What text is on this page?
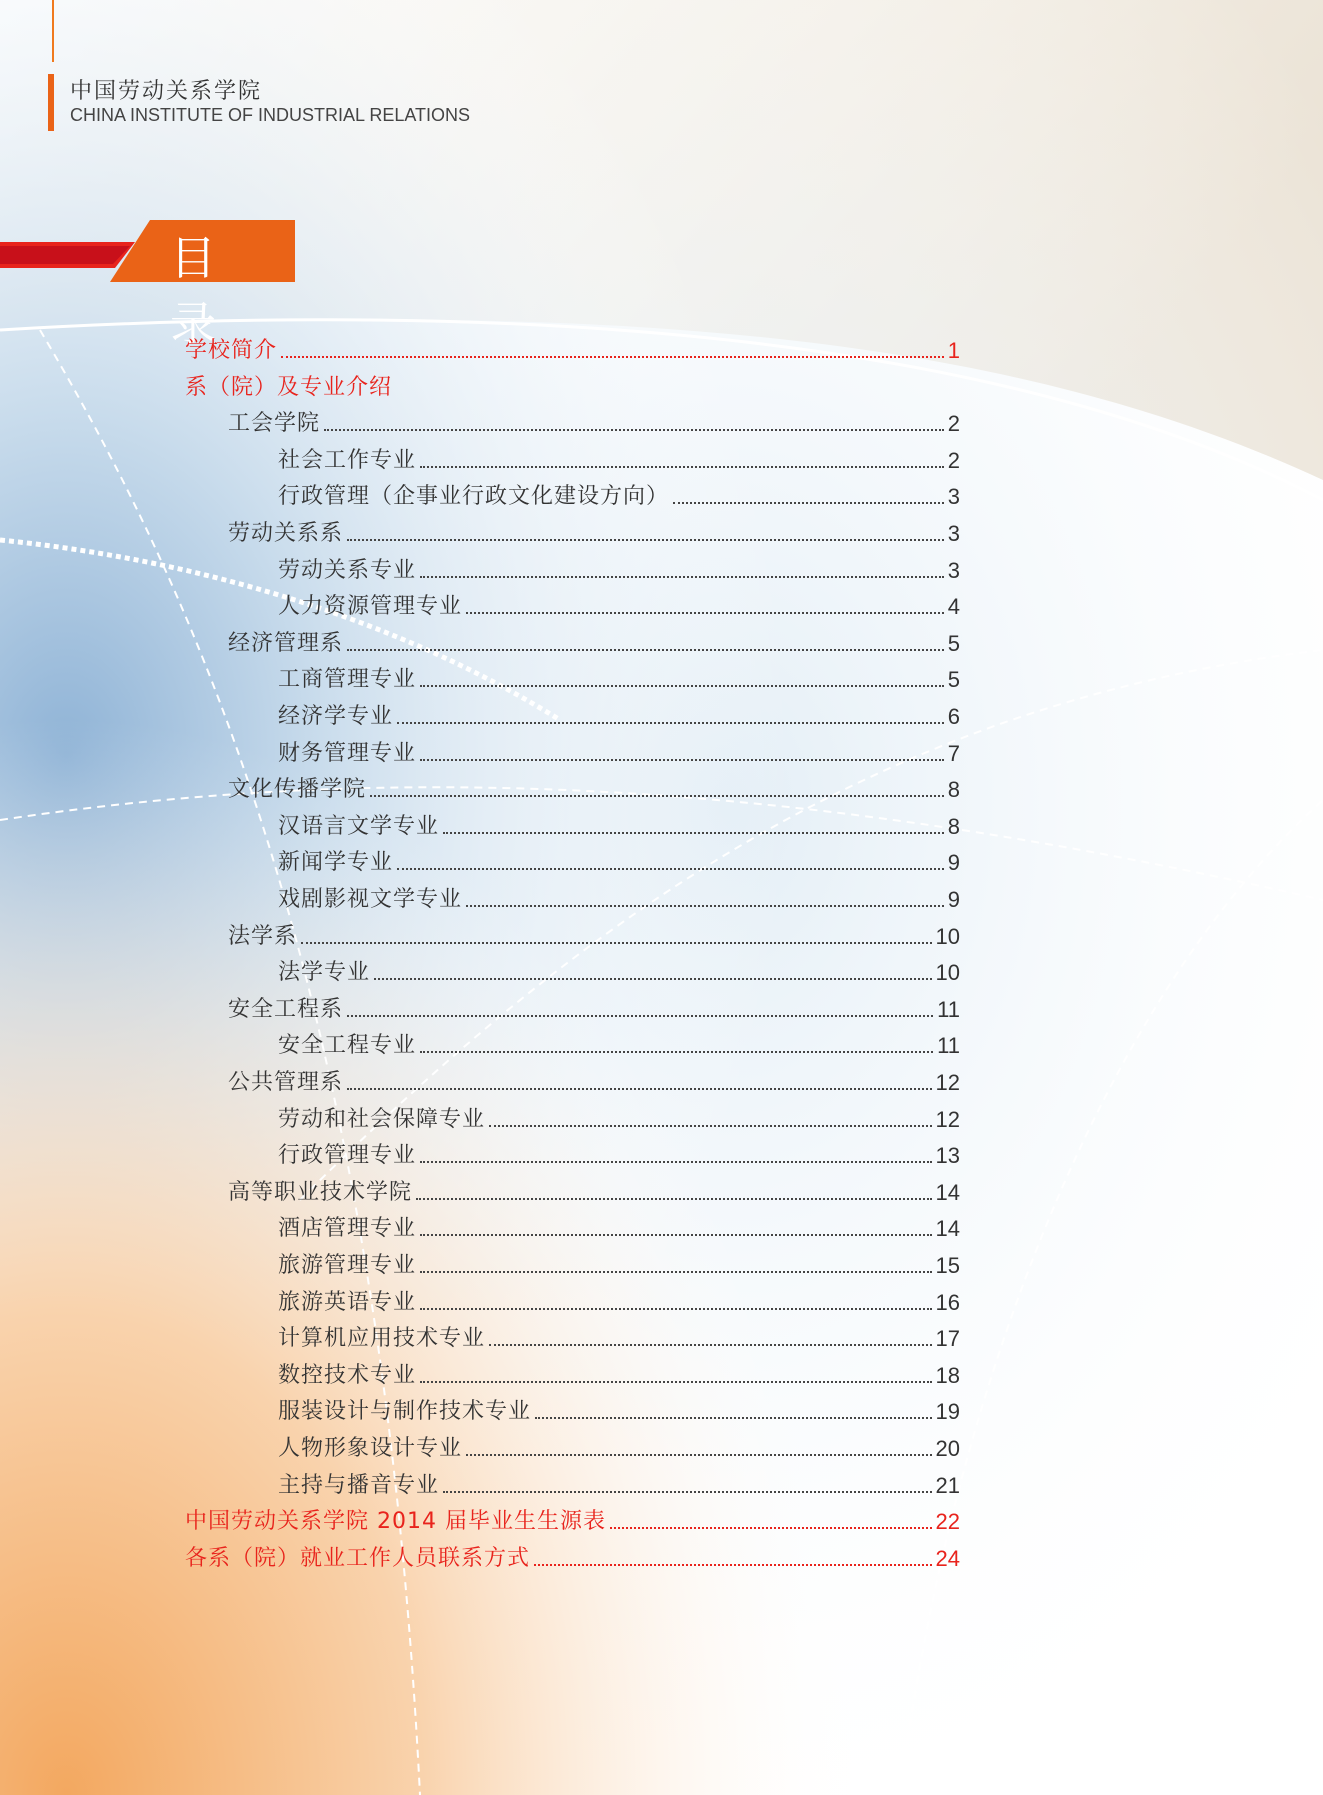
中国劳动关系学院
CHINA INSTITUTE OF INDUSTRIAL RELATIONS
目 录
学校简介	1
系（院）及专业介绍
工会学院	2
社会工作专业	2
行政管理（企事业行政文化建设方向）	3
劳动关系系	3
劳动关系专业	3
人力资源管理专业	4
经济管理系	5
工商管理专业	5
经济学专业	6
财务管理专业	7
文化传播学院	8
汉语言文学专业	8
新闻学专业	9
戏剧影视文学专业	9
法学系	10
法学专业	10
安全工程系	11
安全工程专业	11
公共管理系	12
劳动和社会保障专业	12
行政管理专业	13
高等职业技术学院	14
酒店管理专业	14
旅游管理专业	15
旅游英语专业	16
计算机应用技术专业	17
数控技术专业	18
服装设计与制作技术专业	19
人物形象设计专业	20
主持与播音专业	21
中国劳动关系学院 2014 届毕业生生源表	22
各系（院）就业工作人员联系方式	24
